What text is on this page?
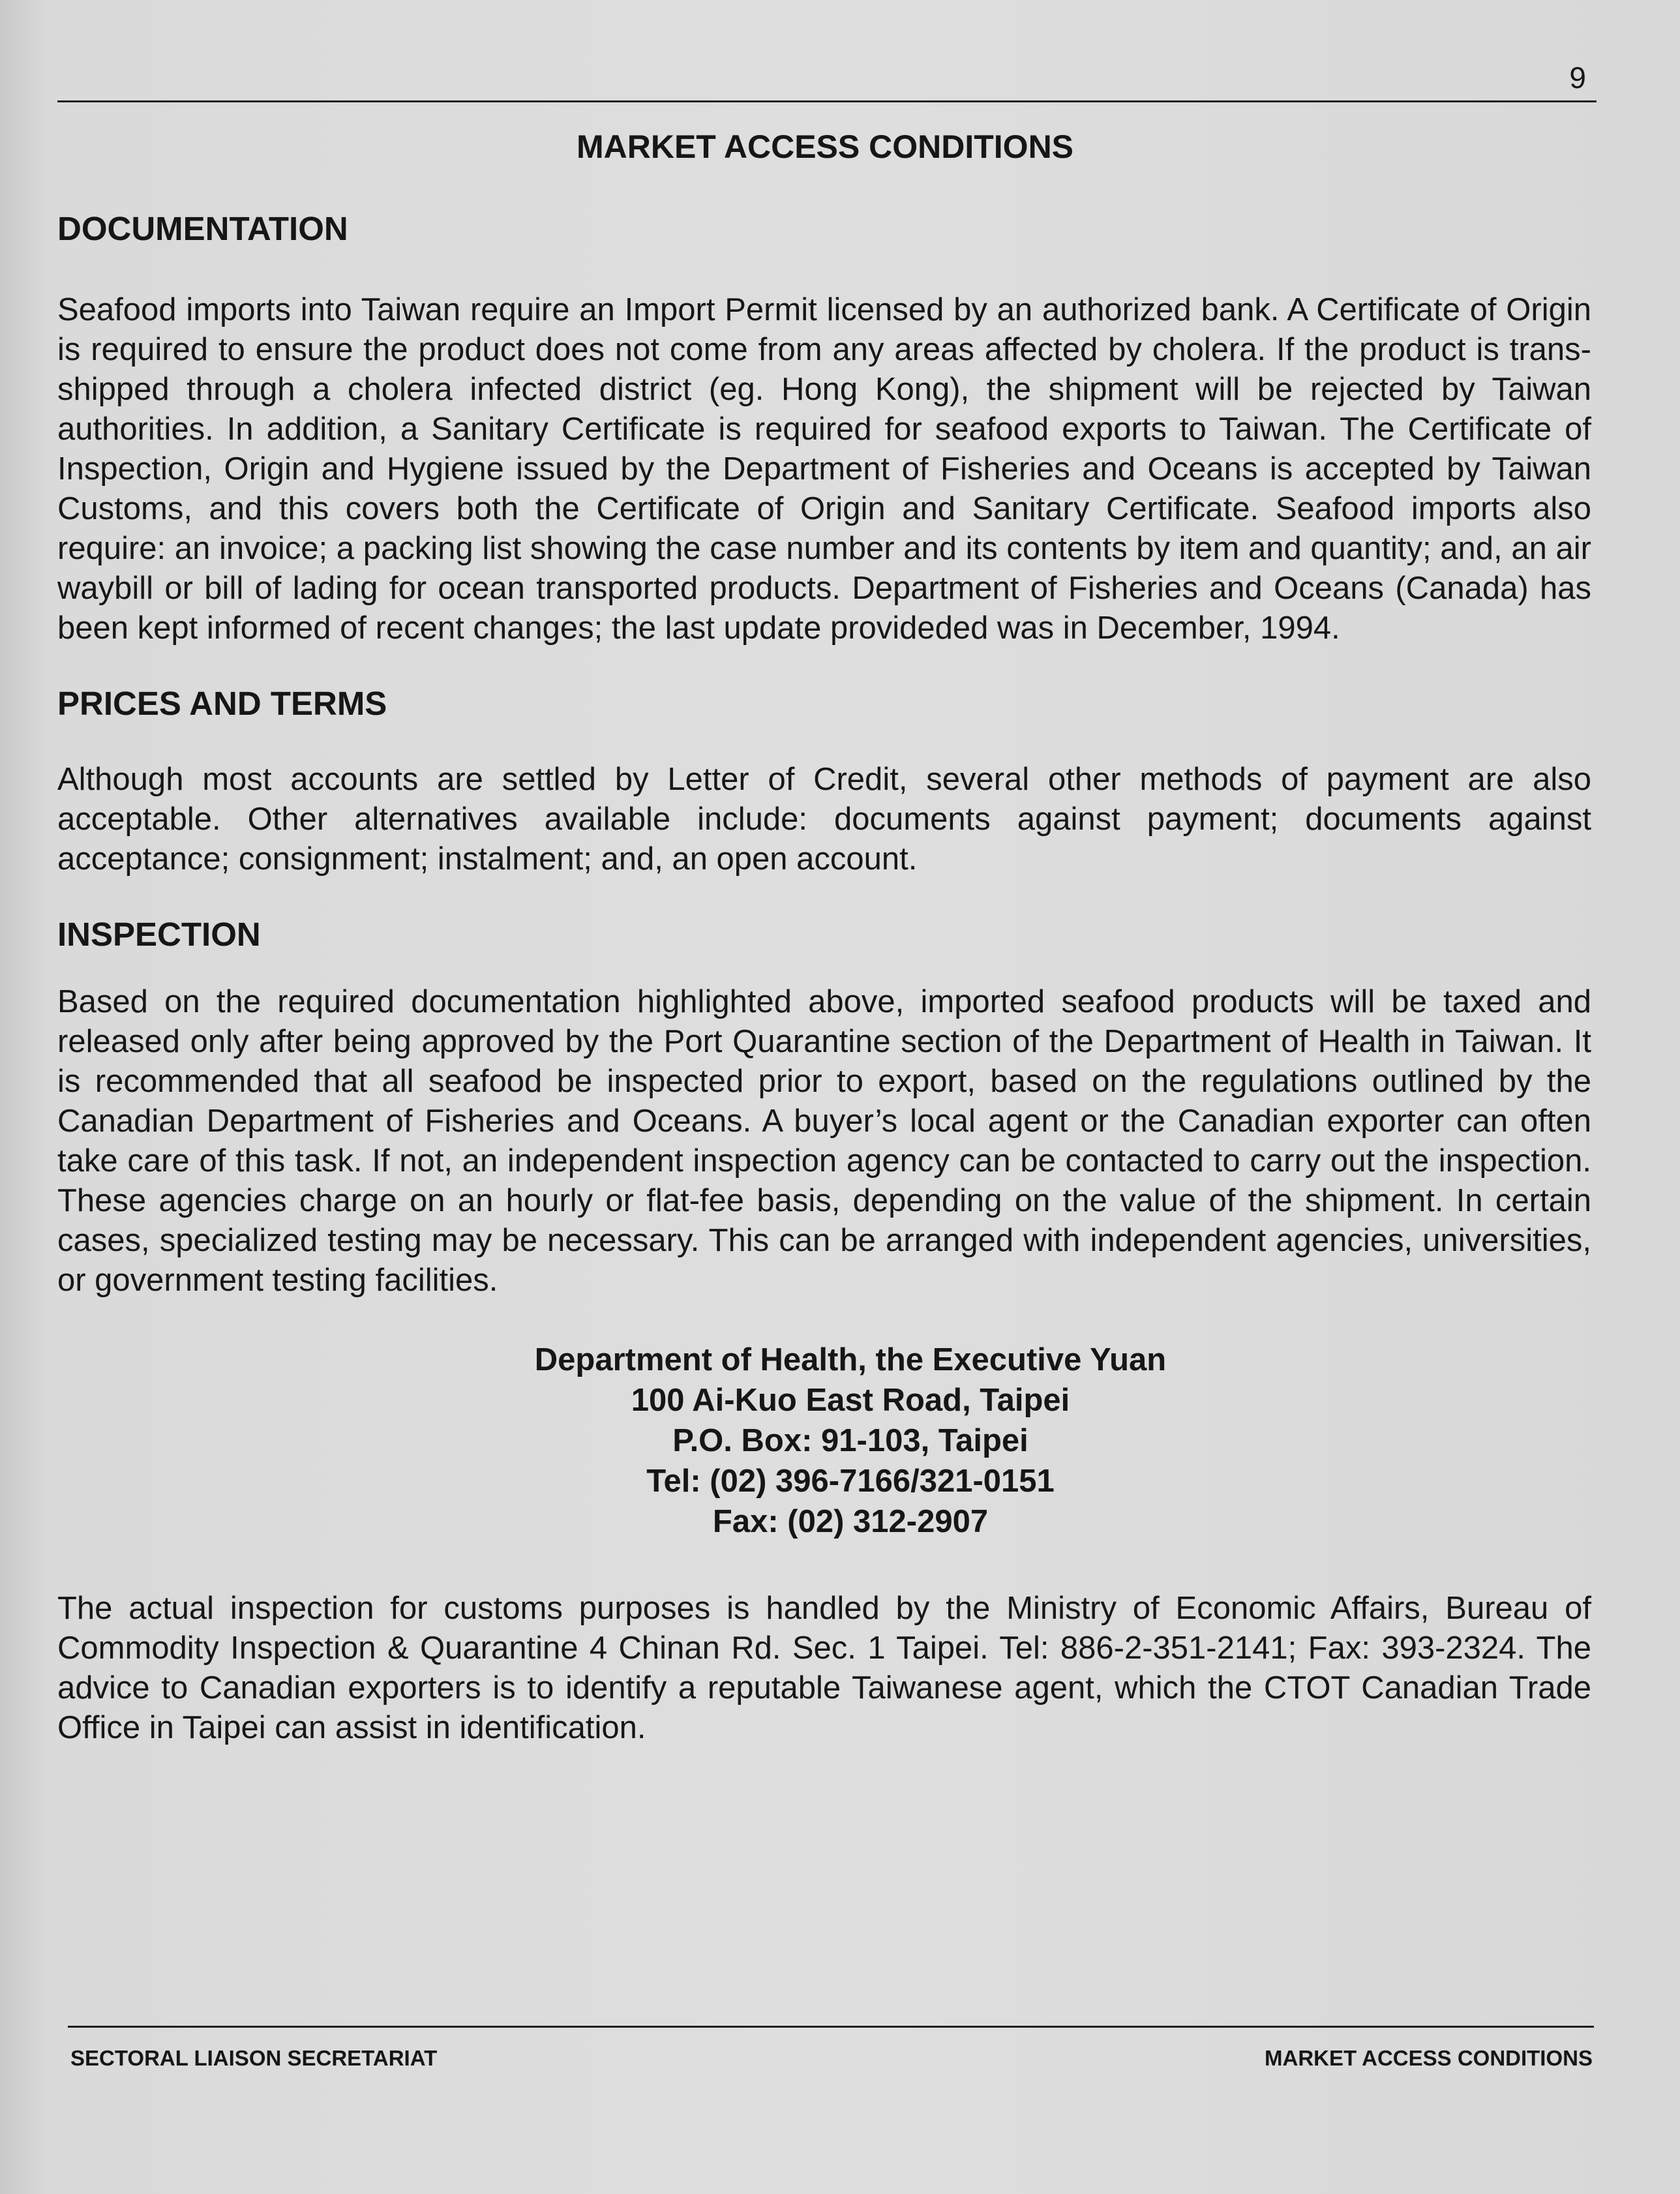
9
MARKET ACCESS CONDITIONS
DOCUMENTATION

Seafood imports into Taiwan require an Import Permit licensed by an authorized bank. A Certificate of Origin is required to ensure the product does not come from any areas affected by cholera. If the product is trans-shipped through a cholera infected district (eg. Hong Kong), the shipment will be rejected by Taiwan authorities. In addition, a Sanitary Certificate is required for seafood exports to Taiwan. The Certificate of Inspection, Origin and Hygiene issued by the Department of Fisheries and Oceans is accepted by Taiwan Customs, and this covers both the Certificate of Origin and Sanitary Certificate. Seafood imports also require: an invoice; a packing list showing the case number and its contents by item and quantity; and, an air waybill or bill of lading for ocean transported products. Department of Fisheries and Oceans (Canada) has been kept informed of recent changes; the last update provideded was in December, 1994.

PRICES AND TERMS

Although most accounts are settled by Letter of Credit, several other methods of payment are also acceptable. Other alternatives available include: documents against payment; documents against acceptance; consignment; instalment; and, an open account.

INSPECTION

Based on the required documentation highlighted above, imported seafood products will be taxed and released only after being approved by the Port Quarantine section of the Department of Health in Taiwan. It is recommended that all seafood be inspected prior to export, based on the regulations outlined by the Canadian Department of Fisheries and Oceans. A buyer’s local agent or the Canadian exporter can often take care of this task. If not, an independent inspection agency can be contacted to carry out the inspection. These agencies charge on an hourly or flat-fee basis, depending on the value of the shipment. In certain cases, specialized testing may be necessary. This can be arranged with independent agencies, universities, or government testing facilities.

Department of Health, the Executive Yuan
100 Ai-Kuo East Road, Taipei
P.O. Box: 91-103, Taipei
Tel: (02) 396-7166/321-0151
Fax: (02) 312-2907

The actual inspection for customs purposes is handled by the Ministry of Economic Affairs, Bureau of Commodity Inspection & Quarantine 4 Chinan Rd. Sec. 1 Taipei. Tel: 886-2-351-2141; Fax: 393-2324. The advice to Canadian exporters is to identify a reputable Taiwanese agent, which the CTOT Canadian Trade Office in Taipei can assist in identification.

SECTORAL LIAISON SECRETARIAT	MARKET ACCESS CONDITIONS
